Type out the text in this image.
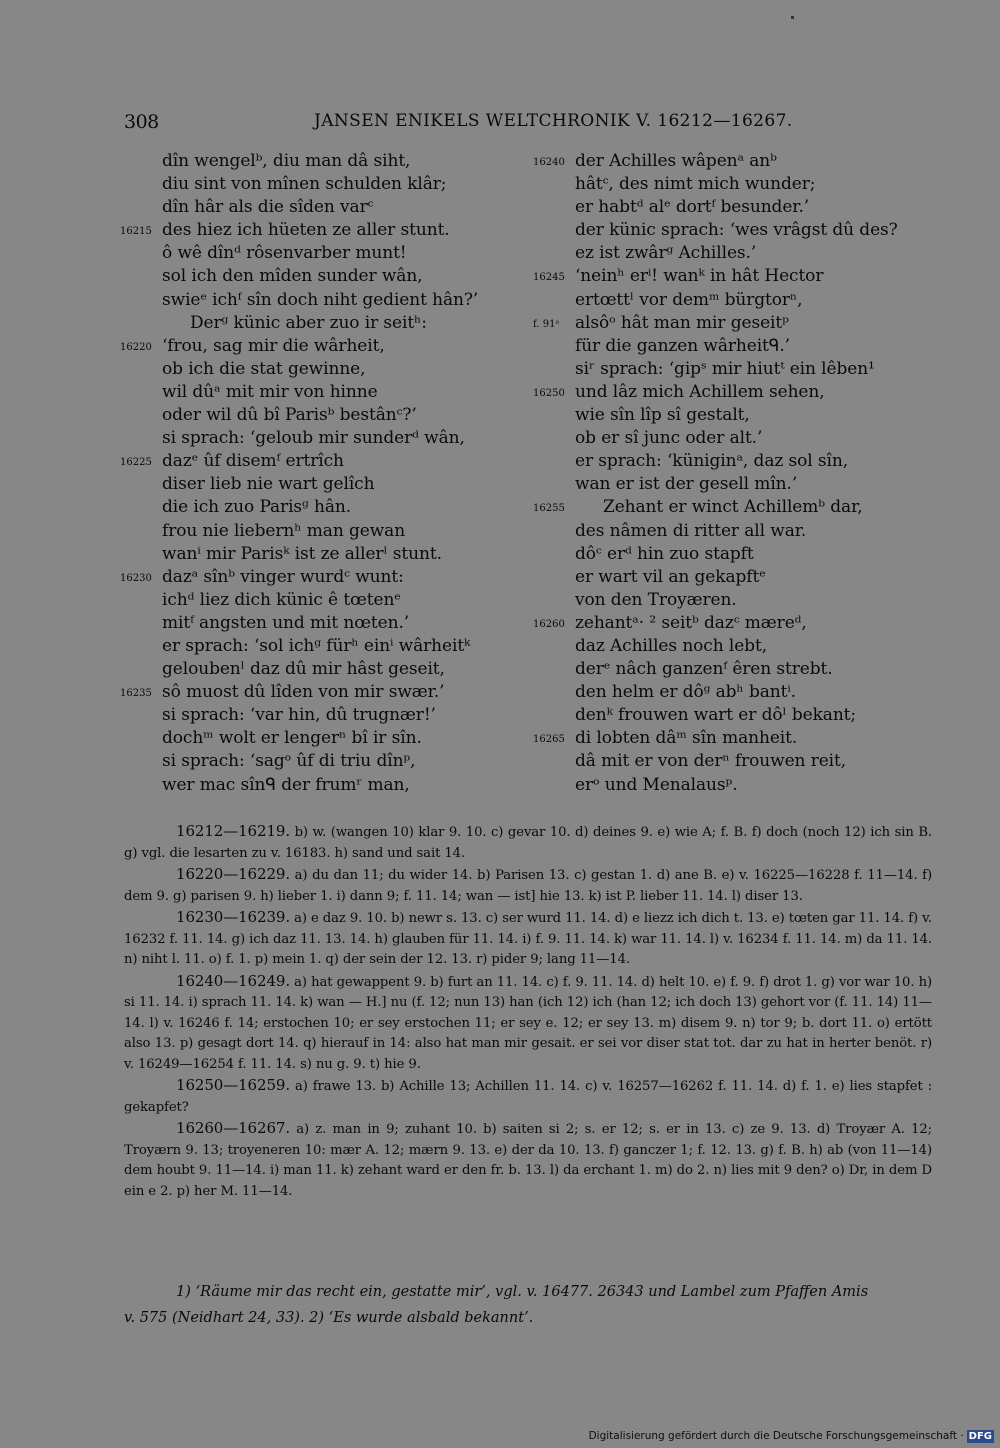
308	JANSEN ENIKELS WELTCHRONIK V. 16212—16267.
dîn wengelᵇ, diu man dâ siht,
diu sint von mînen schulden klâr;
dîn hâr als die sîden varᶜ
16215 des hiez ich hüeten ze aller stunt.
ô wê dînᵈ rôsenvarber munt!
sol ich den mîden sunder wân,
swieᵉ ichᶠ sîn doch niht gedient hân?’
Derᵍ künic aber zuo ir seitʰ:
16220 ‘frou, sag mir die wârheit,
ob ich die stat gewinne,
wil dûᵃ mit mir von hinne
oder wil dû bî Parisᵇ bestânᶜ?’
si sprach: ‘geloub mir sunderᵈ wân,
16225 dazᵉ ûf disemᶠ ertrîch
diser lieb nie wart gelîch
die ich zuo Parisᵍ hân.
frou nie liebernʰ man gewan
wanⁱ mir Parisᵏ ist ze allerˡ stunt.
16230 dazᵃ sînᵇ vinger wurdᶜ wunt:
ichᵈ liez dich künic ê tœtenᵉ
mitᶠ angsten und mit nœten.’
er sprach: ‘sol ichᵍ fürʰ einⁱ wârheitᵏ
geloubenˡ daz dû mir hâst geseit,
16235 sô muost dû lîden von mir swær.’
si sprach: ‘var hin, dû trugnær!’
dochᵐ wolt er lengerⁿ bî ir sîn.
si sprach: ‘sagᵒ ûf di triu dînᵖ,
wer mac sînᑫ der frumʳ man,
16240 der Achilles wâpenᵃ anᵇ
hâtᶜ, des nimt mich wunder;
er habtᵈ alᵉ dortᶠ besunder.’
der künic sprach: ‘wes vrâgst dû des?
ez ist zwârᵍ Achilles.’
16245 ‘neinʰ erⁱ! wanᵏ in hât Hector
ertœttˡ vor demᵐ bürgtorⁿ,
f. 91ᵃ alsôᵒ hât man mir geseitᵖ
für die ganzen wârheitᑫ.’
siʳ sprach: ‘gipˢ mir hiutᵗ ein lêben¹
16250 und lâz mich Achillem sehen,
wie sîn lîp sî gestalt,
ob er sî junc oder alt.’
er sprach: ‘küniginᵃ, daz sol sîn,
wan er ist der gesell mîn.’
16255 Zehant er winct Achillemᵇ dar,
des nâmen di ritter all war.
dôᶜ erᵈ hin zuo stapft
er wart vil an gekapftᵉ
von den Troyæren.
16260 zehantᵃ· ² seitᵇ dazᶜ mæreᵈ,
daz Achilles noch lebt,
derᵉ nâch ganzenᶠ êren strebt.
den helm er dôᵍ abʰ bantⁱ.
denᵏ frouwen wart er dôˡ bekant;
16265 di lobten dâᵐ sîn manheit.
dâ mit er von derⁿ frouwen reit,
erᵒ und Menalausᵖ.

16212—16219. b) w. (wangen 10) klar 9. 10. c) gevar 10. d) deines 9. e) wie A; f. B. f) doch (noch 12) ich sin B. g) vgl. die lesarten zu v. 16183. h) sand und sait 14.

16220—16229. a) du dan 11; du wider 14. b) Parisen 13. c) gestan 1. d) ane B. e) v. 16225—16228 f. 11—14. f) dem 9. g) parisen 9. h) lieber 1. i) dann 9; f. 11. 14; wan — ist] hie 13. k) ist P. lieber 11. 14. l) diser 13.

16230—16239. a) e daz 9. 10. b) newr s. 13. c) ser wurd 11. 14. d) e liezz ich dich t. 13. e) tœten gar 11. 14. f) v. 16232 f. 11. 14. g) ich daz 11. 13. 14. h) glauben für 11. 14. i) f. 9. 11. 14. k) war 11. 14. l) v. 16234 f. 11. 14. m) da 11. 14. n) niht l. 11. o) f. 1. p) mein 1. q) der sein der 12. 13. r) pider 9; lang 11—14.

16240—16249. a) hat gewappent 9. b) furt an 11. 14. c) f. 9. 11. 14. d) helt 10. e) f. 9. f) drot 1. g) vor war 10. h) si 11. 14. i) sprach 11. 14. k) wan — H.] nu (f. 12; nun 13) han (ich 12) ich (han 12; ich doch 13) gehort vor (f. 11. 14) 11—14. l) v. 16246 f. 14; erstochen 10; er sey erstochen 11; er sey e. 12; er sey 13. m) disem 9. n) tor 9; b. dort 11. o) ertött also 13. p) gesagt dort 14. q) hierauf in 14: also hat man mir gesait. er sei vor diser stat tot. dar zu hat in herter benöt. r) v. 16249—16254 f. 11. 14. s) nu g. 9. t) hie 9.

16250—16259. a) frawe 13. b) Achille 13; Achillen 11. 14. c) v. 16257—16262 f. 11. 14. d) f. 1. e) lies stapfet : gekapfet?

16260—16267. a) z. man in 9; zuhant 10. b) saiten si 2; s. er 12; s. er in 13. c) ze 9. 13. d) Troyær A. 12; Troyærn 9. 13; troyeneren 10: mær A. 12; mærn 9. 13. e) der da 10. 13. f) ganczer 1; f. 12. 13. g) f. B. h) ab (von 11—14) dem houbt 9. 11—14. i) man 11. k) zehant ward er den fr. b. 13. l) da erchant 1. m) do 2. n) lies mit 9 den? o) Dr, in dem D ein e 2. p) her M. 11—14.

1) ‘Räume mir das recht ein, gestatte mir’, vgl. v. 16477. 26343 und Lambel zum Pfaffen Amis

v. 575 (Neidhart 24, 33). 2) ‘Es wurde alsbald bekannt’.

Digitalisierung gefördert durch die Deutsche Forschungsgemeinschaft · DFG
